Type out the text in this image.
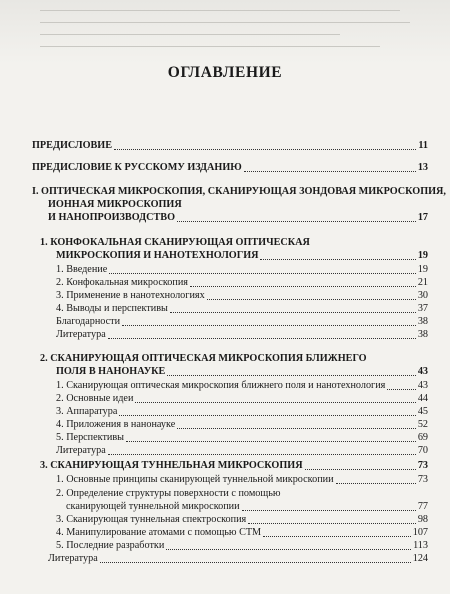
ОГЛАВЛЕНИЕ
ПРЕДИСЛОВИЕ	11
ПРЕДИСЛОВИЕ К РУССКОМУ ИЗДАНИЮ	13
I. ОПТИЧЕСКАЯ МИКРОСКОПИЯ, СКАНИРУЮЩАЯ ЗОНДОВАЯ МИКРОСКОПИЯ,
ИОННАЯ МИКРОСКОПИЯ
И НАНОПРОИЗВОДСТВО	17
1. КОНФОКАЛЬНАЯ СКАНИРУЮЩАЯ ОПТИЧЕСКАЯ
МИКРОСКОПИЯ И НАНОТЕХНОЛОГИЯ	19
1. Введение	19
2. Конфокальная микроскопия	21
3. Применение в нанотехнологиях	30
4. Выводы и перспективы	37
Благодарности	38
Литература	38
2. СКАНИРУЮЩАЯ ОПТИЧЕСКАЯ МИКРОСКОПИЯ БЛИЖНЕГО
ПОЛЯ В НАНОНАУКЕ	43
1. Сканирующая оптическая микроскопия ближнего поля и нанотехнология	43
2. Основные идеи	44
3. Аппаратура	45
4. Приложения в нанонауке	52
5. Перспективы	69
Литература	70
3. СКАНИРУЮЩАЯ ТУННЕЛЬНАЯ МИКРОСКОПИЯ	73
1. Основные принципы сканирующей туннельной микроскопии	73
2. Определение структуры поверхности с помощью
сканирующей туннельной микроскопии	77
3. Сканирующая туннельная спектроскопия	98
4. Манипулирование атомами с помощью СТМ	107
5. Последние разработки	113
Литература	124
